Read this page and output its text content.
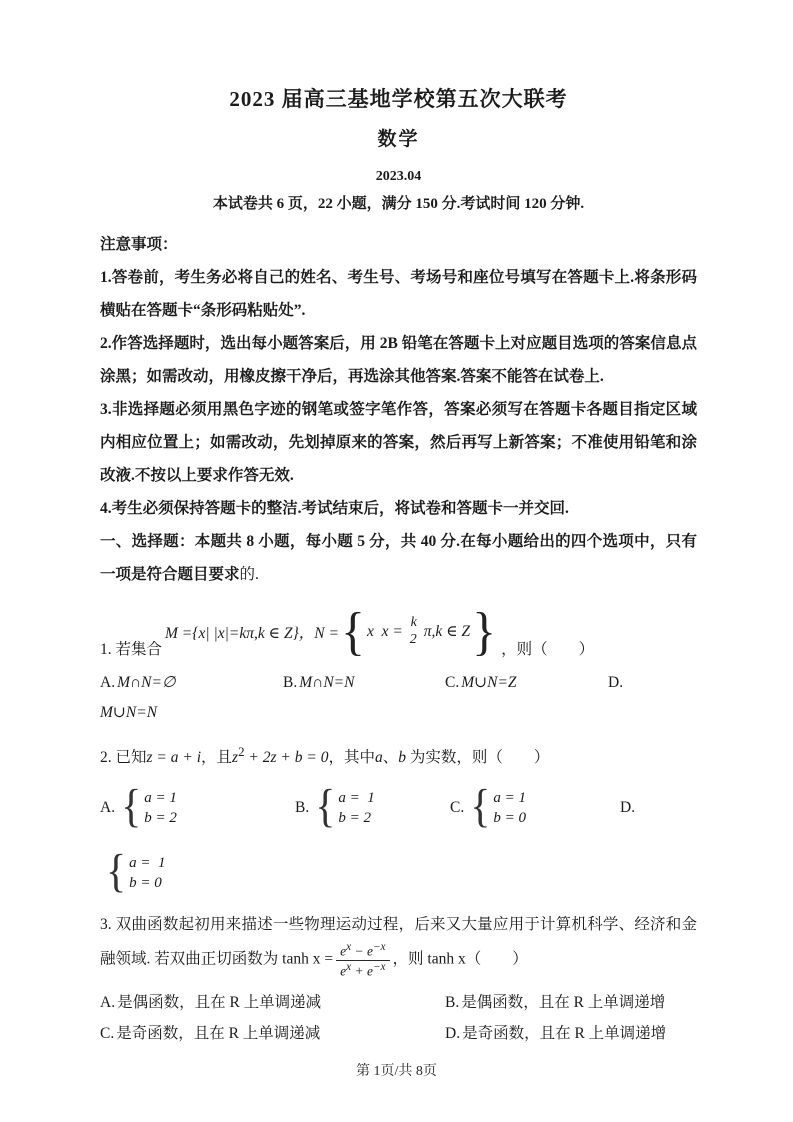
2023 届高三基地学校第五次大联考
数学
2023.04
本试卷共 6 页，22 小题，满分 150 分.考试时间 120 分钟.
注意事项：

1.答卷前，考生务必将自己的姓名、考生号、考场号和座位号填写在答题卡上.将条形码横贴在答题卡“条形码粘贴处”.

2.作答选择题时，选出每小题答案后，用 2B 铅笔在答题卡上对应题目选项的答案信息点涂黑；如需改动，用橡皮擦干净后，再选涂其他答案.答案不能答在试卷上.

3.非选择题必须用黑色字迹的钢笔或签字笔作答，答案必须写在答题卡各题目指定区域内相应位置上；如需改动，先划掉原来的答案，然后再写上新答案；不准使用铅笔和涂改液.不按以上要求作答无效.

4.考生必须保持答题卡的整洁.考试结束后，将试卷和答题卡一并交回.

一、选择题：本题共 8 小题，每小题 5 分，共 40 分.在每小题给出的四个选项中，只有一项是符合题目要求的.

1. 若集合
M ={x| |x|=kπ,k ∈ Z}，N = { x  x = k
2 π,k ∈ Z } ，则（　　）
A. M∩N=∅	B. M∩N=N	C. M∪N=Z	D.
M∪N=N

2. 已知z = a + i，且$z^2 + 2z + b = 0$，其中a、b 为实数，则（　　）

A. { a = 1
b = 2
B. { a =  1
b = 2
C. { a = 1
b = 0
D.
{ a =  1
b = 0

3. 双曲函数起初用来描述一些物理运动过程，后来又大量应用于计算机科学、经济和金融领域. 若双曲正切函数为 $\tanh x = \frac{e^x - e^{-x}}{e^x + e^{-x}}$ ，则 tanh x（　　）

A. 是偶函数，且在 R 上单调递减	B. 是偶函数，且在 R 上单调递增
C. 是奇函数，且在 R 上单调递减	D. 是奇函数，且在 R 上单调递增
第 1页/共 8页
